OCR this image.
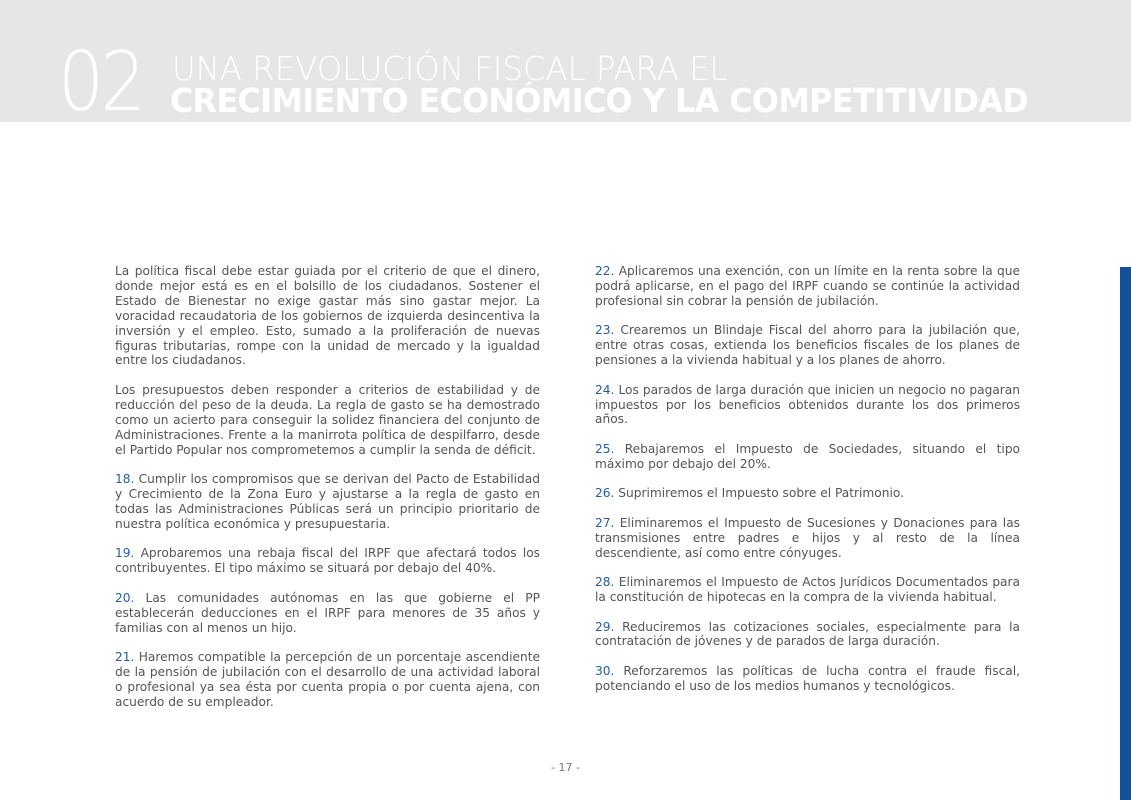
02 UNA REVOLUCIÓN FISCAL PARA EL
CRECIMIENTO ECONÓMICO Y LA COMPETITIVIDAD

La política fiscal debe estar guiada por el criterio de que el dinero, donde mejor está es en el bolsillo de los ciudadanos. Sostener el Estado de Bienestar no exige gastar más sino gastar mejor. La voracidad recaudatoria de los gobiernos de izquierda desincentiva la inversión y el empleo. Esto, sumado a la proliferación de nuevas figuras tributarias, rompe con la unidad de mercado y la igualdad entre los ciudadanos.

Los presupuestos deben responder a criterios de estabilidad y de reducción del peso de la deuda. La regla de gasto se ha demostrado como un acierto para conseguir la solidez financiera del conjunto de Administraciones. Frente a la manirrota política de despilfarro, desde el Partido Popular nos comprometemos a cumplir la senda de déficit.

18. Cumplir los compromisos que se derivan del Pacto de Estabilidad y Crecimiento de la Zona Euro y ajustarse a la regla de gasto en todas las Administraciones Públicas será un principio prioritario de nuestra política económica y presupuestaria.

19. Aprobaremos una rebaja fiscal del IRPF que afectará todos los contribuyentes. El tipo máximo se situará por debajo del 40%.

20. Las comunidades autónomas en las que gobierne el PP establecerán deducciones en el IRPF para menores de 35 años y familias con al menos un hijo.

21. Haremos compatible la percepción de un porcentaje ascendiente de la pensión de jubilación con el desarrollo de una actividad laboral o profesional ya sea ésta por cuenta propia o por cuenta ajena, con acuerdo de su empleador.

22. Aplicaremos una exención, con un límite en la renta sobre la que podrá aplicarse, en el pago del IRPF cuando se continúe la actividad profesional sin cobrar la pensión de jubilación.

23. Crearemos un Blindaje Fiscal del ahorro para la jubilación que, entre otras cosas, extienda los beneficios fiscales de los planes de pensiones a la vivienda habitual y a los planes de ahorro.

24. Los parados de larga duración que inicien un negocio no pagaran impuestos por los beneficios obtenidos durante los dos primeros años.

25. Rebajaremos el Impuesto de Sociedades, situando el tipo máximo por debajo del 20%.

26. Suprimiremos el Impuesto sobre el Patrimonio.

27. Eliminaremos el Impuesto de Sucesiones y Donaciones para las transmisiones entre padres e hijos y al resto de la línea descendiente, así como entre cónyuges.

28. Eliminaremos el Impuesto de Actos Jurídicos Documentados para la constitución de hipotecas en la compra de la vivienda habitual.

29. Reduciremos las cotizaciones sociales, especialmente para la contratación de jóvenes y de parados de larga duración.

30. Reforzaremos las políticas de lucha contra el fraude fiscal, potenciando el uso de los medios humanos y tecnológicos.

- 17 -
